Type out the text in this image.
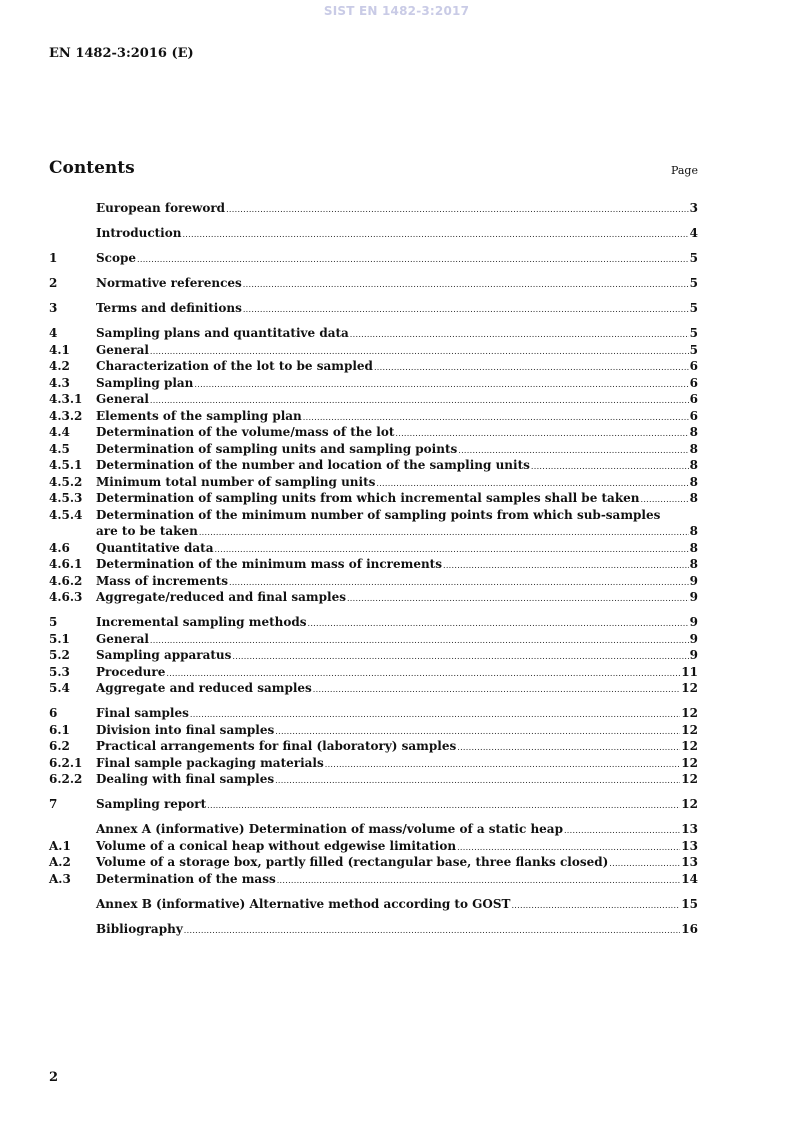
SIST EN 1482-3:2017
EN 1482-3:2016 (E)
Contents	Page
European foreword .....	3
Introduction .....	4
1	Scope .....	5
2	Normative references .....	5
3	Terms and definitions .....	5
4	Sampling plans and quantitative data .....	5
4.1	General .....	5
4.2	Characterization of the lot to be sampled .....	6
4.3	Sampling plan .....	6
4.3.1	General .....	6
4.3.2	Elements of the sampling plan .....	6
4.4	Determination of the volume/mass of the lot .....	8
4.5	Determination of sampling units and sampling points .....	8
4.5.1	Determination of the number and location of the sampling units .....	8
4.5.2	Minimum total number of sampling units .....	8
4.5.3	Determination of sampling units from which incremental samples shall be taken .....	8
4.5.4	Determination of the minimum number of sampling points from which sub-samples
are to be taken .....	8
4.6	Quantitative data .....	8
4.6.1	Determination of the minimum mass of increments .....	8
4.6.2	Mass of increments .....	9
4.6.3	Aggregate/reduced and final samples .....	9
5	Incremental sampling methods .....	9
5.1	General .....	9
5.2	Sampling apparatus .....	9
5.3	Procedure .....	11
5.4	Aggregate and reduced samples .....	12
6	Final samples .....	12
6.1	Division into final samples .....	12
6.2	Practical arrangements for final (laboratory) samples .....	12
6.2.1	Final sample packaging materials .....	12
6.2.2	Dealing with final samples .....	12
7	Sampling report .....	12
Annex A (informative) Determination of mass/volume of a static heap .....	13
A.1	Volume of a conical heap without edgewise limitation .....	13
A.2	Volume of a storage box, partly filled (rectangular base, three flanks closed) .....	13
A.3	Determination of the mass .....	14
Annex B (informative) Alternative method according to GOST .....	15
Bibliography .....	16
2
